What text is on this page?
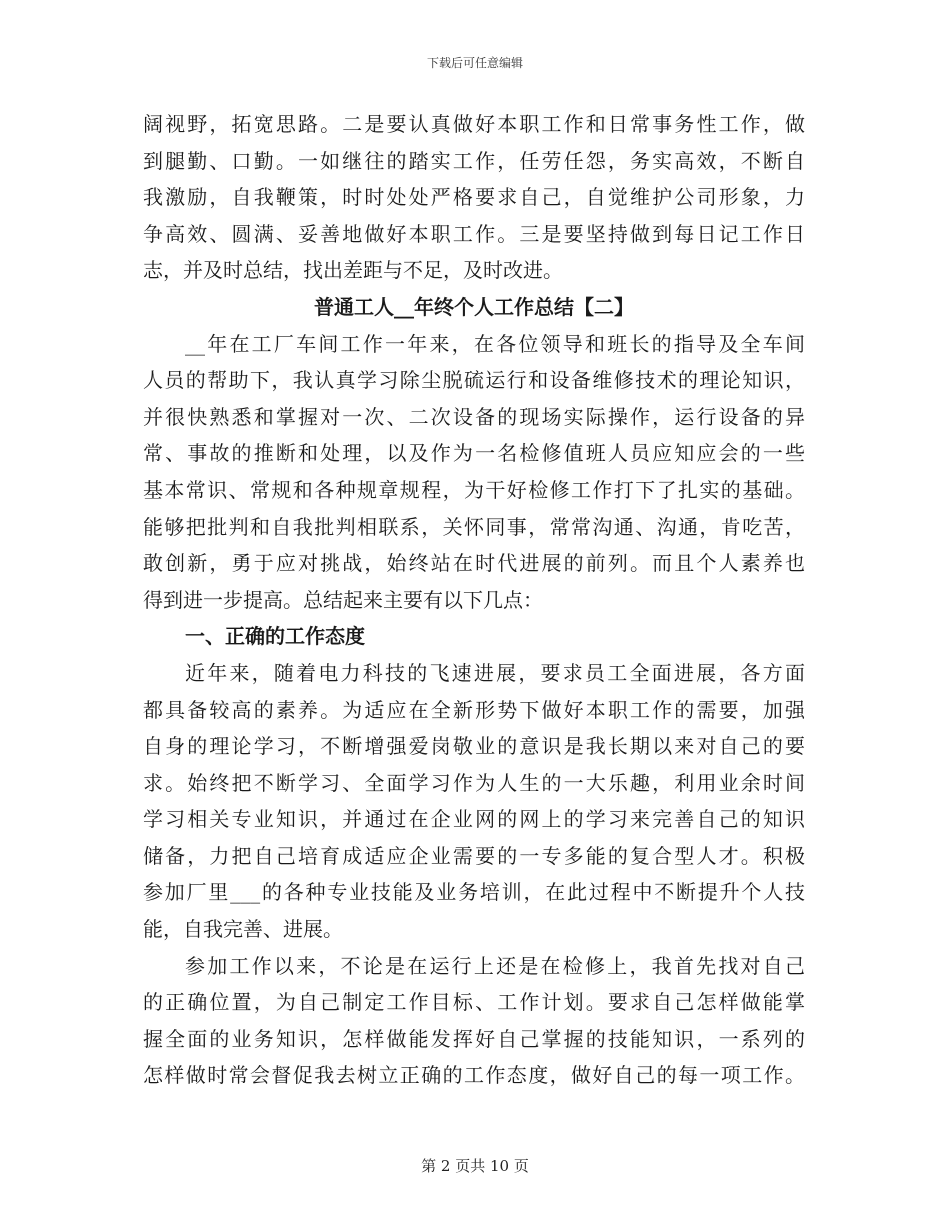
下载后可任意编辑
阔视野，拓宽思路。二是要认真做好本职工作和日常事务性工作，做
到腿勤、口勤。一如继往的踏实工作，任劳任怨，务实高效，不断自
我激励，自我鞭策，时时处处严格要求自己，自觉维护公司形象，力
争高效、圆满、妥善地做好本职工作。三是要坚持做到每日记工作日
志，并及时总结，找出差距与不足，及时改进。
普通工人__年终个人工作总结【二】
__年在工厂车间工作一年来，在各位领导和班长的指导及全车间
人员的帮助下，我认真学习除尘脱硫运行和设备维修技术的理论知识，
并很快熟悉和掌握对一次、二次设备的现场实际操作，运行设备的异
常、事故的推断和处理，以及作为一名检修值班人员应知应会的一些
基本常识、常规和各种规章规程，为干好检修工作打下了扎实的基础。
能够把批判和自我批判相联系，关怀同事，常常沟通、沟通，肯吃苦，
敢创新，勇于应对挑战，始终站在时代进展的前列。而且个人素养也
得到进一步提高。总结起来主要有以下几点：
一、正确的工作态度
近年来，随着电力科技的飞速进展，要求员工全面进展，各方面
都具备较高的素养。为适应在全新形势下做好本职工作的需要，加强
自身的理论学习，不断增强爱岗敬业的意识是我长期以来对自己的要
求。始终把不断学习、全面学习作为人生的一大乐趣，利用业余时间
学习相关专业知识，并通过在企业网的网上的学习来完善自己的知识
储备，力把自己培育成适应企业需要的一专多能的复合型人才。积极
参加厂里___的各种专业技能及业务培训，在此过程中不断提升个人技
能，自我完善、进展。
参加工作以来，不论是在运行上还是在检修上，我首先找对自己
的正确位置，为自己制定工作目标、工作计划。要求自己怎样做能掌
握全面的业务知识，怎样做能发挥好自己掌握的技能知识，一系列的
怎样做时常会督促我去树立正确的工作态度，做好自己的每一项工作。
第 2 页共 10 页
